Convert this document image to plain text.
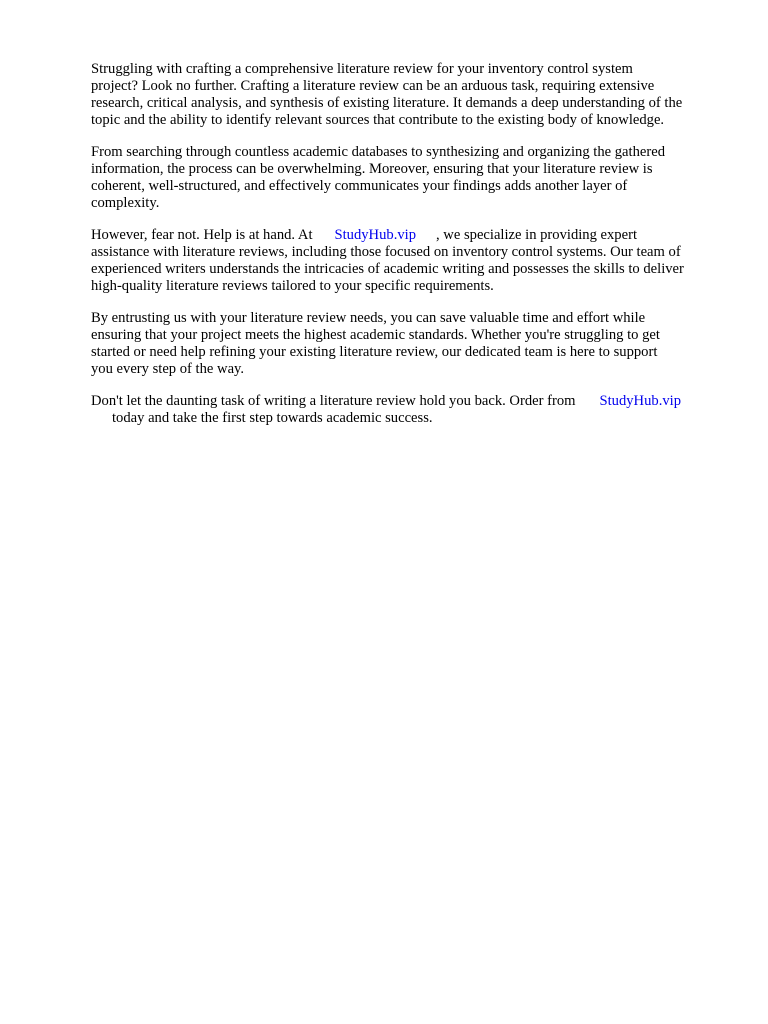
Struggling with crafting a comprehensive literature review for your inventory control system
project? Look no further. Crafting a literature review can be an arduous task, requiring extensive
research, critical analysis, and synthesis of existing literature. It demands a deep understanding of the
topic and the ability to identify relevant sources that contribute to the existing body of knowledge.

From searching through countless academic databases to synthesizing and organizing the gathered
information, the process can be overwhelming. Moreover, ensuring that your literature review is
coherent, well-structured, and effectively communicates your findings adds another layer of
complexity.

However, fear not. Help is at hand. At StudyHub.vip , we specialize in providing expert
assistance with literature reviews, including those focused on inventory control systems. Our team of
experienced writers understands the intricacies of academic writing and possesses the skills to deliver
high-quality literature reviews tailored to your specific requirements.

By entrusting us with your literature review needs, you can save valuable time and effort while
ensuring that your project meets the highest academic standards. Whether you're struggling to get
started or need help refining your existing literature review, our dedicated team is here to support
you every step of the way.

Don't let the daunting task of writing a literature review hold you back. Order from StudyHub.vip
today and take the first step towards academic success.
